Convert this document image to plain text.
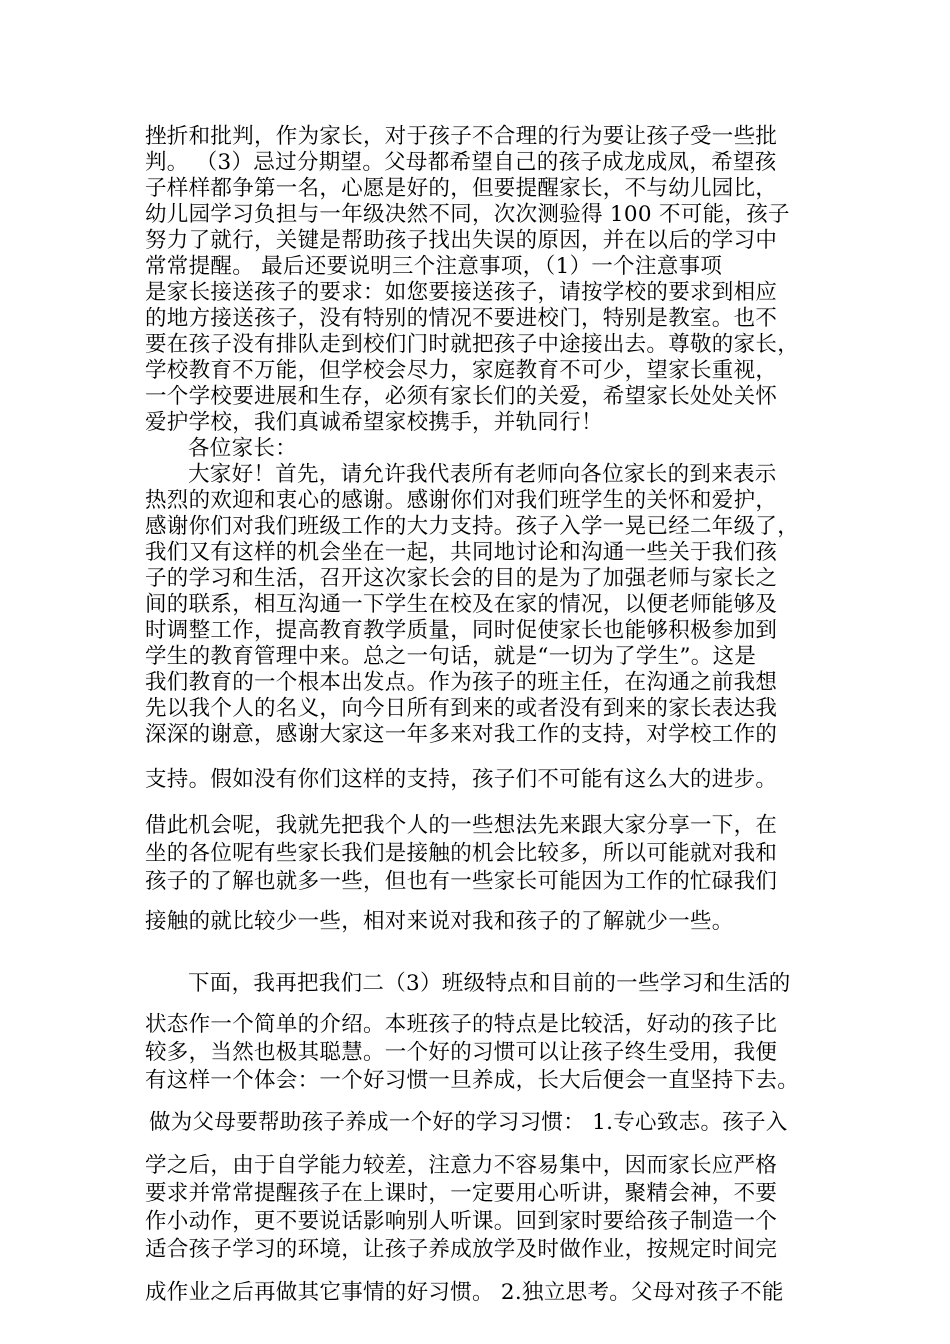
挫折和批判，作为家长，对于孩子不合理的行为要让孩子受一些批
判。 （3）忌过分期望。父母都希望自己的孩子成龙成凤，希望孩
子样样都争第一名，心愿是好的，但要提醒家长，不与幼儿园比，
幼儿园学习负担与一年级决然不同，次次测验得 100 不可能，孩子
努力了就行，关键是帮助孩子找出失误的原因，并在以后的学习中
常常提醒。 最后还要说明三个注意事项，（1）一个注意事项
是家长接送孩子的要求：如您要接送孩子，请按学校的要求到相应
的地方接送孩子，没有特别的情况不要进校门，特别是教室。也不
要在孩子没有排队走到校们门时就把孩子中途接出去。尊敬的家长，
学校教育不万能，但学校会尽力，家庭教育不可少，望家长重视，
一个学校要进展和生存，必须有家长们的关爱，希望家长处处关怀
爱护学校，我们真诚希望家校携手，并轨同行！
各位家长：
大家好！首先，请允许我代表所有老师向各位家长的到来表示
热烈的欢迎和衷心的感谢。感谢你们对我们班学生的关怀和爱护，
感谢你们对我们班级工作的大力支持。孩子入学一晃已经二年级了，
我们又有这样的机会坐在一起，共同地讨论和沟通一些关于我们孩
子的学习和生活，召开这次家长会的目的是为了加强老师与家长之
间的联系，相互沟通一下学生在校及在家的情况，以便老师能够及
时调整工作，提高教育教学质量，同时促使家长也能够积极参加到
学生的教育管理中来。总之一句话，就是“一切为了学生”。这是
我们教育的一个根本出发点。作为孩子的班主任，在沟通之前我想
先以我个人的名义，向今日所有到来的或者没有到来的家长表达我
深深的谢意，感谢大家这一年多来对我工作的支持，对学校工作的
支持。假如没有你们这样的支持，孩子们不可能有这么大的进步。
借此机会呢，我就先把我个人的一些想法先来跟大家分享一下，在
坐的各位呢有些家长我们是接触的机会比较多，所以可能就对我和
孩子的了解也就多一些，但也有一些家长可能因为工作的忙碌我们
接触的就比较少一些，相对来说对我和孩子的了解就少一些。
下面，我再把我们二（3）班级特点和目前的一些学习和生活的
状态作一个简单的介绍。本班孩子的特点是比较活，好动的孩子比
较多，当然也极其聪慧。一个好的习惯可以让孩子终生受用，我便
有这样一个体会：一个好习惯一旦养成，长大后便会一直坚持下去。
做为父母要帮助孩子养成一个好的学习习惯： 1.专心致志。孩子入
学之后，由于自学能力较差，注意力不容易集中，因而家长应严格
要求并常常提醒孩子在上课时，一定要用心听讲，聚精会神，不要
作小动作，更不要说话影响别人听课。回到家时要给孩子制造一个
适合孩子学习的环境，让孩子养成放学及时做作业，按规定时间完
成作业之后再做其它事情的好习惯。 2.独立思考。父母对孩子不能
